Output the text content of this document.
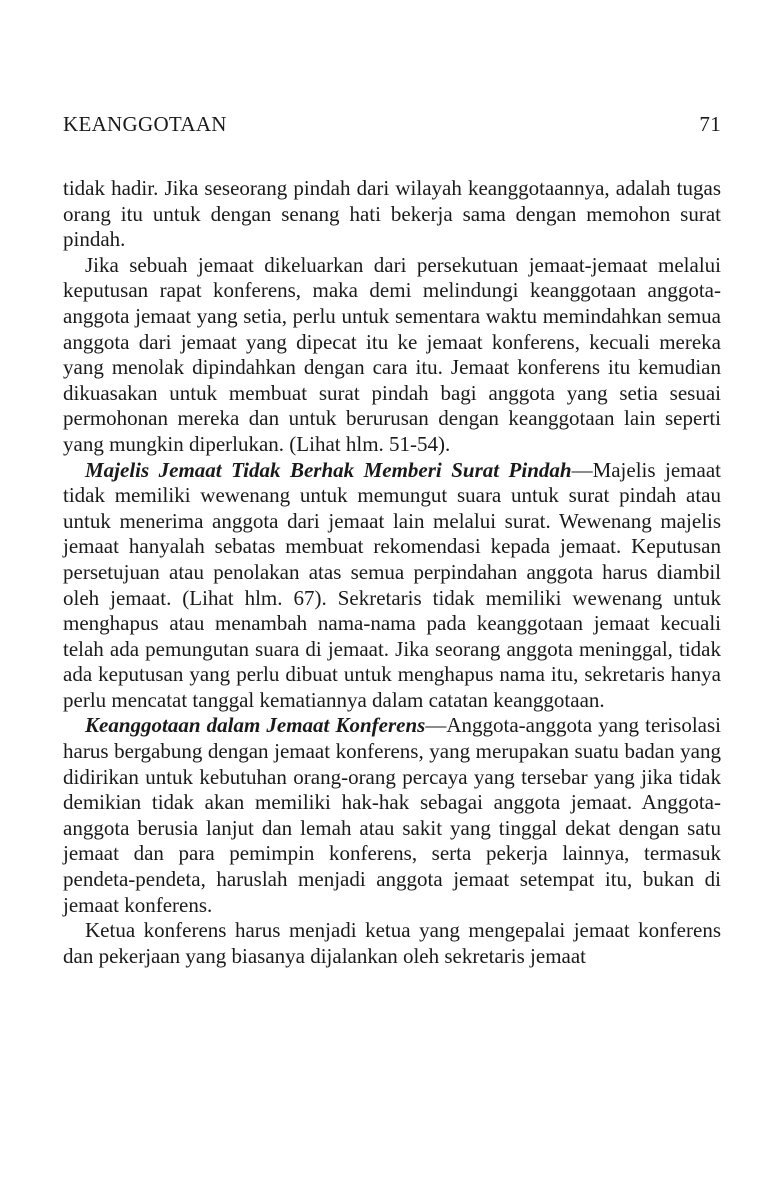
KEANGGOTAAN	71

tidak hadir. Jika seseorang pindah dari wilayah keanggotaannya, adalah tugas orang itu untuk dengan senang hati bekerja sama dengan memohon surat pindah.

Jika sebuah jemaat dikeluarkan dari persekutuan jemaat-jemaat melalui keputusan rapat konferens, maka demi melindungi keanggotaan anggota-anggota jemaat yang setia, perlu untuk sementara waktu memindahkan semua anggota dari jemaat yang dipecat itu ke jemaat konferens, kecuali mereka yang menolak dipindahkan dengan cara itu. Jemaat konferens itu kemudian dikuasakan untuk membuat surat pindah bagi anggota yang setia sesuai permohonan mereka dan untuk berurusan dengan keanggotaan lain seperti yang mungkin diperlukan. (Lihat hlm. 51-54).

Majelis Jemaat Tidak Berhak Memberi Surat Pindah—Majelis jemaat tidak memiliki wewenang untuk memungut suara untuk surat pindah atau untuk menerima anggota dari jemaat lain melalui surat. Wewenang majelis jemaat hanyalah sebatas membuat rekomendasi kepada jemaat. Keputusan persetujuan atau penolakan atas semua perpindahan anggota harus diambil oleh jemaat. (Lihat hlm. 67). Sekretaris tidak memiliki wewenang untuk menghapus atau menambah nama-nama pada keanggotaan jemaat kecuali telah ada pemungutan suara di jemaat. Jika seorang anggota meninggal, tidak ada keputusan yang perlu dibuat untuk menghapus nama itu, sekretaris hanya perlu mencatat tanggal kematiannya dalam catatan keanggotaan.

Keanggotaan dalam Jemaat Konferens—Anggota-anggota yang terisolasi harus bergabung dengan jemaat konferens, yang merupakan suatu badan yang didirikan untuk kebutuhan orang-orang percaya yang tersebar yang jika tidak demikian tidak akan memiliki hak-hak sebagai anggota jemaat. Anggota-anggota berusia lanjut dan lemah atau sakit yang tinggal dekat dengan satu jemaat dan para pemimpin konferens, serta pekerja lainnya, termasuk pendeta-pendeta, haruslah menjadi anggota jemaat setempat itu, bukan di jemaat konferens.

Ketua konferens harus menjadi ketua yang mengepalai jemaat konferens dan pekerjaan yang biasanya dijalankan oleh sekretaris jemaat
